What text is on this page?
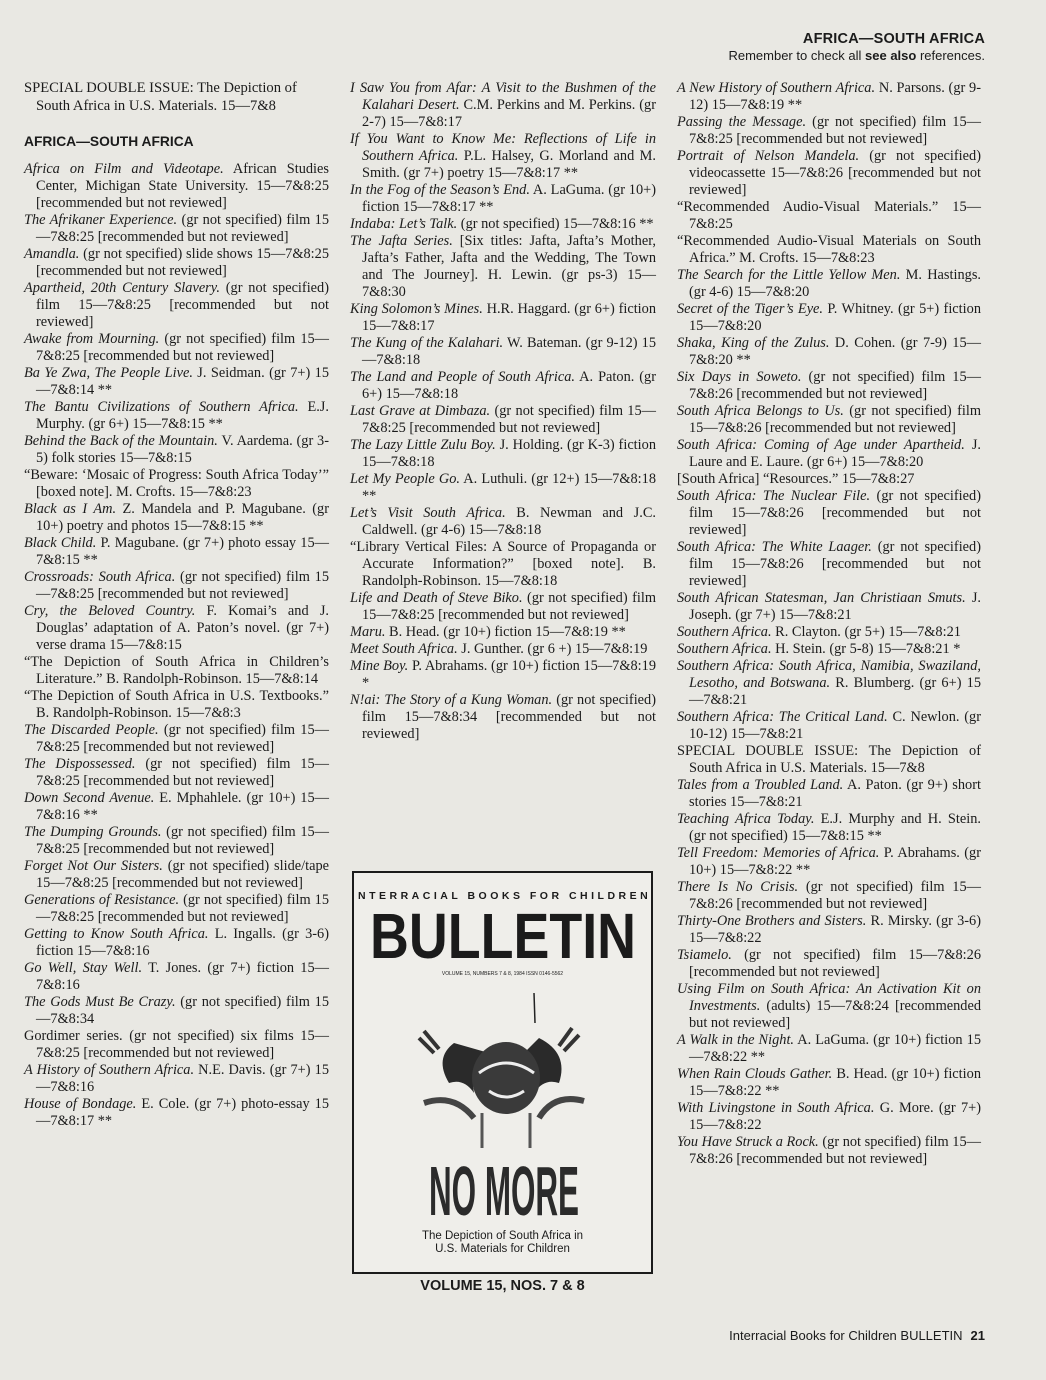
AFRICA—SOUTH AFRICA
Remember to check all see also references.

SPECIAL DOUBLE ISSUE: The Depiction of South Africa in U.S. Materials. 15—7&8

AFRICA—SOUTH AFRICA

Africa on Film and Videotape. African Studies Center, Michigan State University. 15—7&8:25 [recommended but not reviewed]

The Afrikaner Experience. (gr not specified) film 15—7&8:25 [recommended but not reviewed]

Amandla. (gr not specified) slide shows 15—7&8:25 [recommended but not reviewed]

Apartheid, 20th Century Slavery. (gr not specified) film 15—7&8:25 [recommended but not reviewed]

Awake from Mourning. (gr not specified) film 15—7&8:25 [recommended but not reviewed]

Ba Ye Zwa, The People Live. J. Seidman. (gr 7+) 15—7&8:14 **

The Bantu Civilizations of Southern Africa. E.J. Murphy. (gr 6+) 15—7&8:15 **

Behind the Back of the Mountain. V. Aardema. (gr 3-5) folk stories 15—7&8:15

“Beware: ‘Mosaic of Progress: South Africa Today’” [boxed note]. M. Crofts. 15—7&8:23

Black as I Am. Z. Mandela and P. Magubane. (gr 10+) poetry and photos 15—7&8:15 **

Black Child. P. Magubane. (gr 7+) photo essay 15—7&8:15 **

Crossroads: South Africa. (gr not specified) film 15—7&8:25 [recommended but not reviewed]

Cry, the Beloved Country. F. Komai’s and J. Douglas’ adaptation of A. Paton’s novel. (gr 7+) verse drama 15—7&8:15

“The Depiction of South Africa in Children’s Literature.” B. Randolph-Robinson. 15—7&8:14

“The Depiction of South Africa in U.S. Textbooks.” B. Randolph-Robinson. 15—7&8:3

The Discarded People. (gr not specified) film 15—7&8:25 [recommended but not reviewed]

The Dispossessed. (gr not specified) film 15—7&8:25 [recommended but not reviewed]

Down Second Avenue. E. Mphahlele. (gr 10+) 15—7&8:16 **

The Dumping Grounds. (gr not specified) film 15—7&8:25 [recommended but not reviewed]

Forget Not Our Sisters. (gr not specified) slide/tape 15—7&8:25 [recommended but not reviewed]

Generations of Resistance. (gr not specified) film 15—7&8:25 [recommended but not reviewed]

Getting to Know South Africa. L. Ingalls. (gr 3-6) fiction 15—7&8:16

Go Well, Stay Well. T. Jones. (gr 7+) fiction 15—7&8:16

The Gods Must Be Crazy. (gr not specified) film 15—7&8:34

Gordimer series. (gr not specified) six films 15—7&8:25 [recommended but not reviewed]

A History of Southern Africa. N.E. Davis. (gr 7+) 15—7&8:16

House of Bondage. E. Cole. (gr 7+) photo-essay 15—7&8:17 **

I Saw You from Afar: A Visit to the Bushmen of the Kalahari Desert. C.M. Perkins and M. Perkins. (gr 2-7) 15—7&8:17

If You Want to Know Me: Reflections of Life in Southern Africa. P.L. Halsey, G. Morland and M. Smith. (gr 7+) poetry 15—7&8:17 **

In the Fog of the Season’s End. A. LaGuma. (gr 10+) fiction 15—7&8:17 **

Indaba: Let’s Talk. (gr not specified) 15—7&8:16 **

The Jafta Series. [Six titles: Jafta, Jafta’s Mother, Jafta’s Father, Jafta and the Wedding, The Town and The Journey]. H. Lewin. (gr ps-3) 15—7&8:30

King Solomon’s Mines. H.R. Haggard. (gr 6+) fiction 15—7&8:17

The Kung of the Kalahari. W. Bateman. (gr 9-12) 15—7&8:18

The Land and People of South Africa. A. Paton. (gr 6+) 15—7&8:18

Last Grave at Dimbaza. (gr not specified) film 15—7&8:25 [recommended but not reviewed]

The Lazy Little Zulu Boy. J. Holding. (gr K-3) fiction 15—7&8:18

Let My People Go. A. Luthuli. (gr 12+) 15—7&8:18 **

Let’s Visit South Africa. B. Newman and J.C. Caldwell. (gr 4-6) 15—7&8:18

“Library Vertical Files: A Source of Propaganda or Accurate Information?” [boxed note]. B. Randolph-Robinson. 15—7&8:18

Life and Death of Steve Biko. (gr not specified) film 15—7&8:25 [recommended but not reviewed]

Maru. B. Head. (gr 10+) fiction 15—7&8:19 **

Meet South Africa. J. Gunther. (gr 6 +) 15—7&8:19

Mine Boy. P. Abrahams. (gr 10+) fiction 15—7&8:19 *

N!ai: The Story of a Kung Woman. (gr not specified) film 15—7&8:34 [recommended but not reviewed]

NTERRACIAL BOOKS FOR CHILDREN
BULLETIN
VOLUME 15, NUMBERS 7 & 8, 1984 ISSN 0146-5562
NO MORE
The Depiction of South Africa in
U.S. Materials for Children
VOLUME 15, NOS. 7 & 8

A New History of Southern Africa. N. Parsons. (gr 9-12) 15—7&8:19 **

Passing the Message. (gr not specified) film 15—7&8:25 [recommended but not reviewed]

Portrait of Nelson Mandela. (gr not specified) videocassette 15—7&8:26 [recommended but not reviewed]

“Recommended Audio-Visual Materials.” 15—7&8:25

“Recommended Audio-Visual Materials on South Africa.” M. Crofts. 15—7&8:23

The Search for the Little Yellow Men. M. Hastings. (gr 4-6) 15—7&8:20

Secret of the Tiger’s Eye. P. Whitney. (gr 5+) fiction 15—7&8:20

Shaka, King of the Zulus. D. Cohen. (gr 7-9) 15—7&8:20 **

Six Days in Soweto. (gr not specified) film 15—7&8:26 [recommended but not reviewed]

South Africa Belongs to Us. (gr not specified) film 15—7&8:26 [recommended but not reviewed]

South Africa: Coming of Age under Apartheid. J. Laure and E. Laure. (gr 6+) 15—7&8:20

[South Africa] “Resources.” 15—7&8:27

South Africa: The Nuclear File. (gr not specified) film 15—7&8:26 [recommended but not reviewed]

South Africa: The White Laager. (gr not specified) film 15—7&8:26 [recommended but not reviewed]

South African Statesman, Jan Christiaan Smuts. J. Joseph. (gr 7+) 15—7&8:21

Southern Africa. R. Clayton. (gr 5+) 15—7&8:21

Southern Africa. H. Stein. (gr 5-8) 15—7&8:21 *

Southern Africa: South Africa, Namibia, Swaziland, Lesotho, and Botswana. R. Blumberg. (gr 6+) 15—7&8:21

Southern Africa: The Critical Land. C. Newlon. (gr 10-12) 15—7&8:21

SPECIAL DOUBLE ISSUE: The Depiction of South Africa in U.S. Materials. 15—7&8

Tales from a Troubled Land. A. Paton. (gr 9+) short stories 15—7&8:21

Teaching Africa Today. E.J. Murphy and H. Stein. (gr not specified) 15—7&8:15 **

Tell Freedom: Memories of Africa. P. Abrahams. (gr 10+) 15—7&8:22 **

There Is No Crisis. (gr not specified) film 15—7&8:26 [recommended but not reviewed]

Thirty-One Brothers and Sisters. R. Mirsky. (gr 3-6) 15—7&8:22

Tsiamelo. (gr not specified) film 15—7&8:26 [recommended but not reviewed]

Using Film on South Africa: An Activation Kit on Investments. (adults) 15—7&8:24 [recommended but not reviewed]

A Walk in the Night. A. LaGuma. (gr 10+) fiction 15—7&8:22 **

When Rain Clouds Gather. B. Head. (gr 10+) fiction 15—7&8:22 **

With Livingstone in South Africa. G. More. (gr 7+) 15—7&8:22

You Have Struck a Rock. (gr not specified) film 15—7&8:26 [recommended but not reviewed]

Interracial Books for Children BULLETIN 21
